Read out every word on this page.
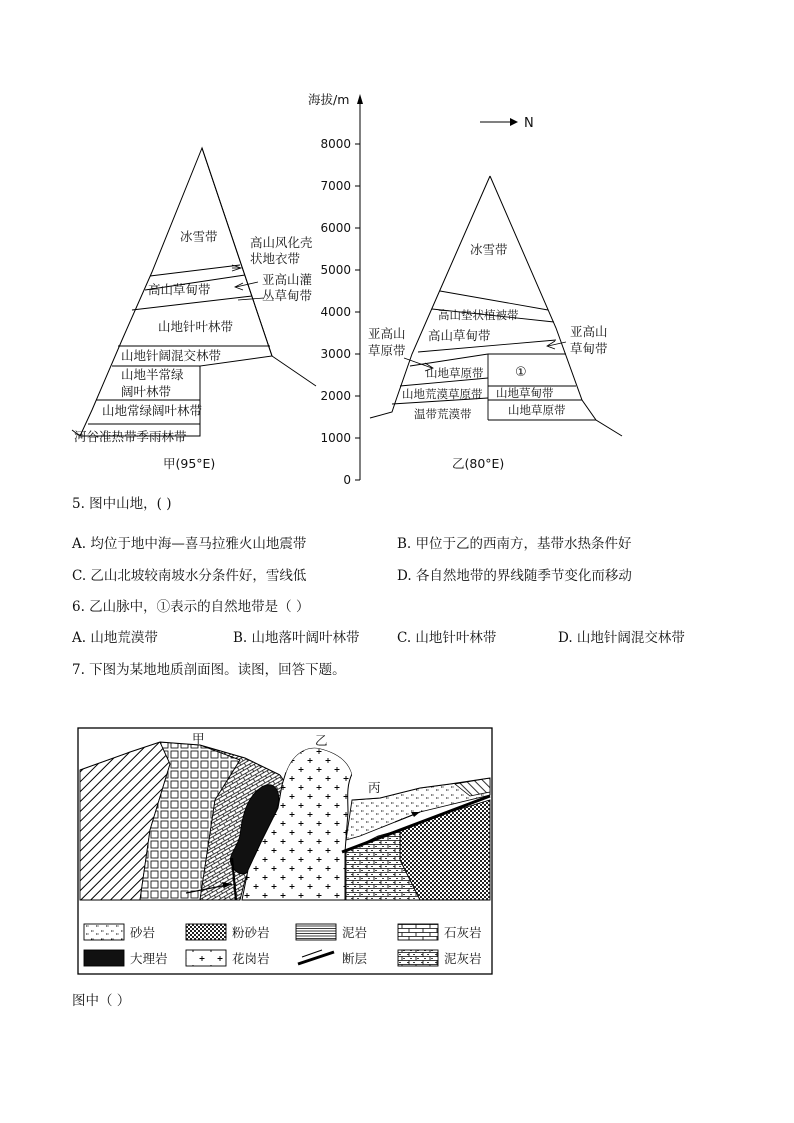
冰雪带
高山草甸带
山地针叶林带
山地针阔混交林带
山地半常绿
阔叶林带
山地常绿阔叶林带
河谷准热带季雨林带
高山风化壳
状地衣带
亚高山灌
丛草甸带
甲(95°E)
海拔/m
8000
7000
6000
5000
4000
3000
2000
1000
0
N
冰雪带
高山垫状植被带
高山草甸带
山地草原带
山地荒漠草原带
温带荒漠带
①
山地草甸带
山地草原带
亚高山
草原带
亚高山
草甸带
乙(80°E)
甲	乙
丙
砂岩	粉砂岩	泥岩	石灰岩
大理岩	花岗岩	断层	泥灰岩
5. 图中山地，( )
A. 均位于地中海—喜马拉雅火山地震带	B. 甲位于乙的西南方，基带水热条件好
C. 乙山北坡较南坡水分条件好，雪线低	D. 各自然地带的界线随季节变化而移动
6. 乙山脉中，①表示的自然地带是（ ）
A. 山地荒漠带	B. 山地落叶阔叶林带	C. 山地针叶林带	D. 山地针阔混交林带
7. 下图为某地地质剖面图。读图，回答下题。
图中（ ）
